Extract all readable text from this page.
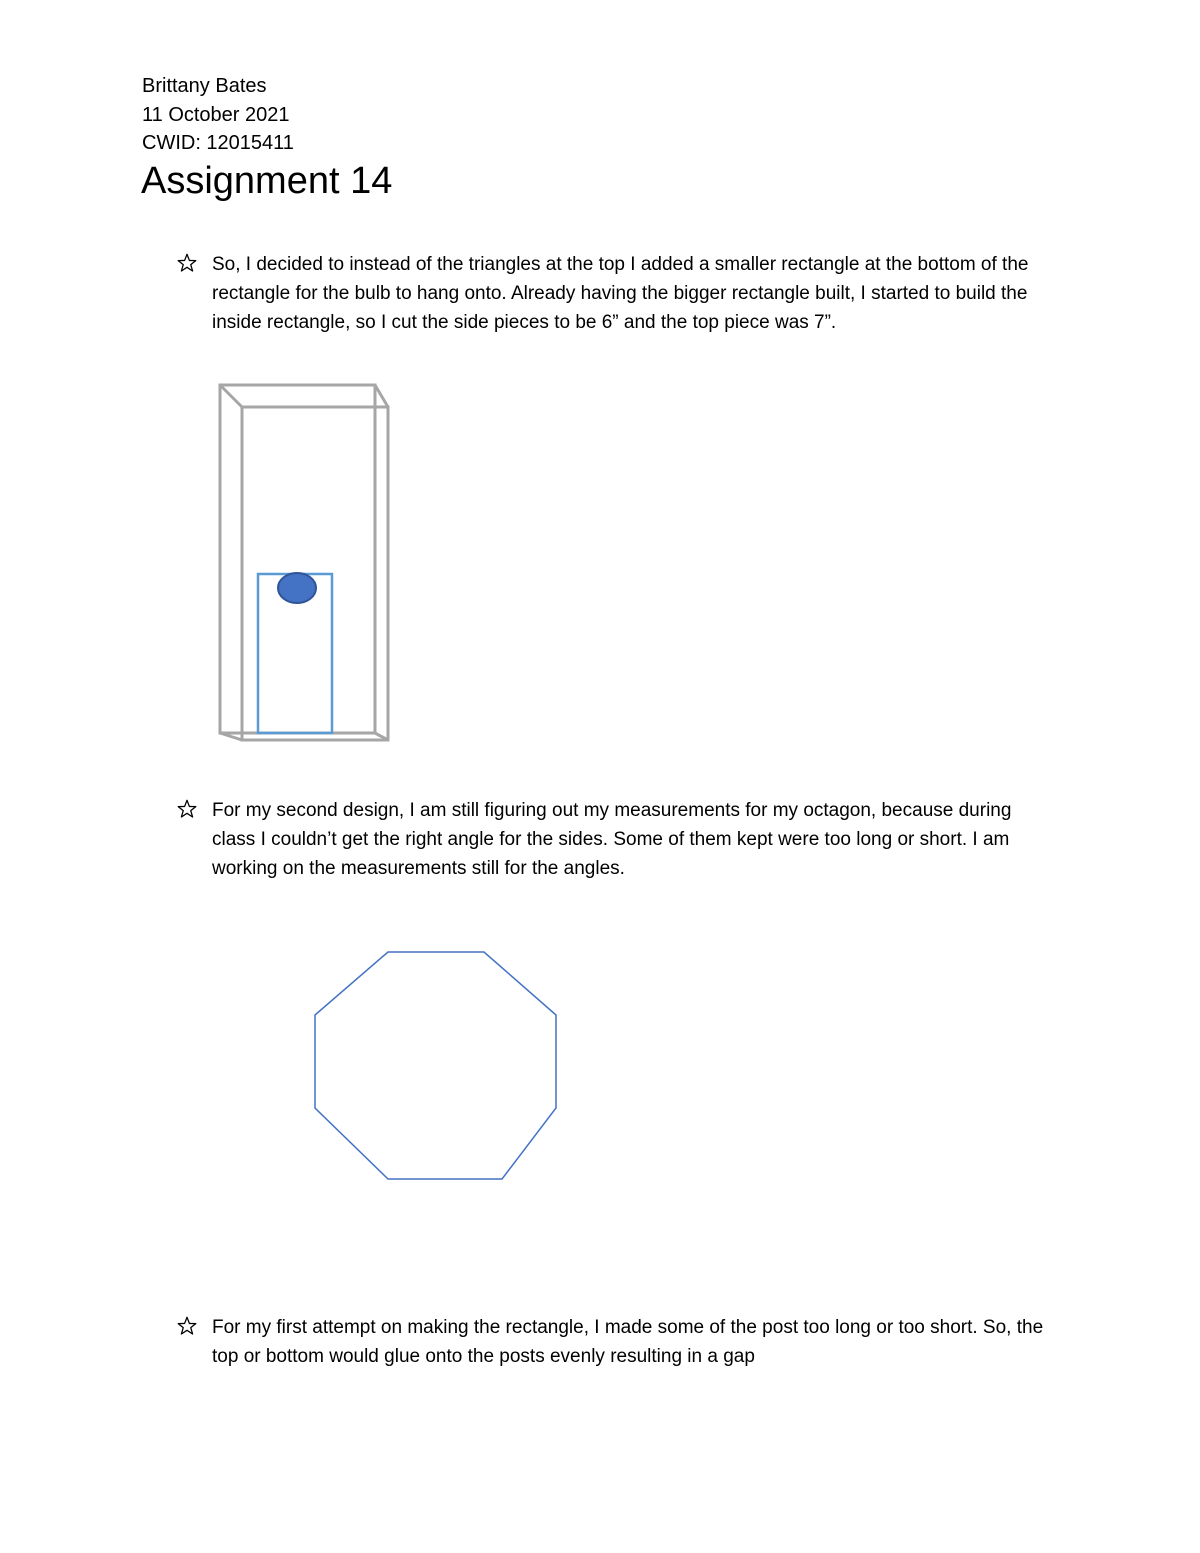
Brittany Bates
11 October 2021
CWID: 12015411
Assignment 14
So, I decided to instead of the triangles at the top I added a smaller rectangle at the bottom of the rectangle for the bulb to hang onto. Already having the bigger rectangle built, I started to build the inside rectangle, so I cut the side pieces to be 6” and the top piece was 7”.
For my second design, I am still figuring out my measurements for my octagon, because during class I couldn’t get the right angle for the sides. Some of them kept were too long or short. I am working on the measurements still for the angles.
For my first attempt on making the rectangle, I made some of the post too long or too short. So, the top or bottom would glue onto the posts evenly resulting in a gap
